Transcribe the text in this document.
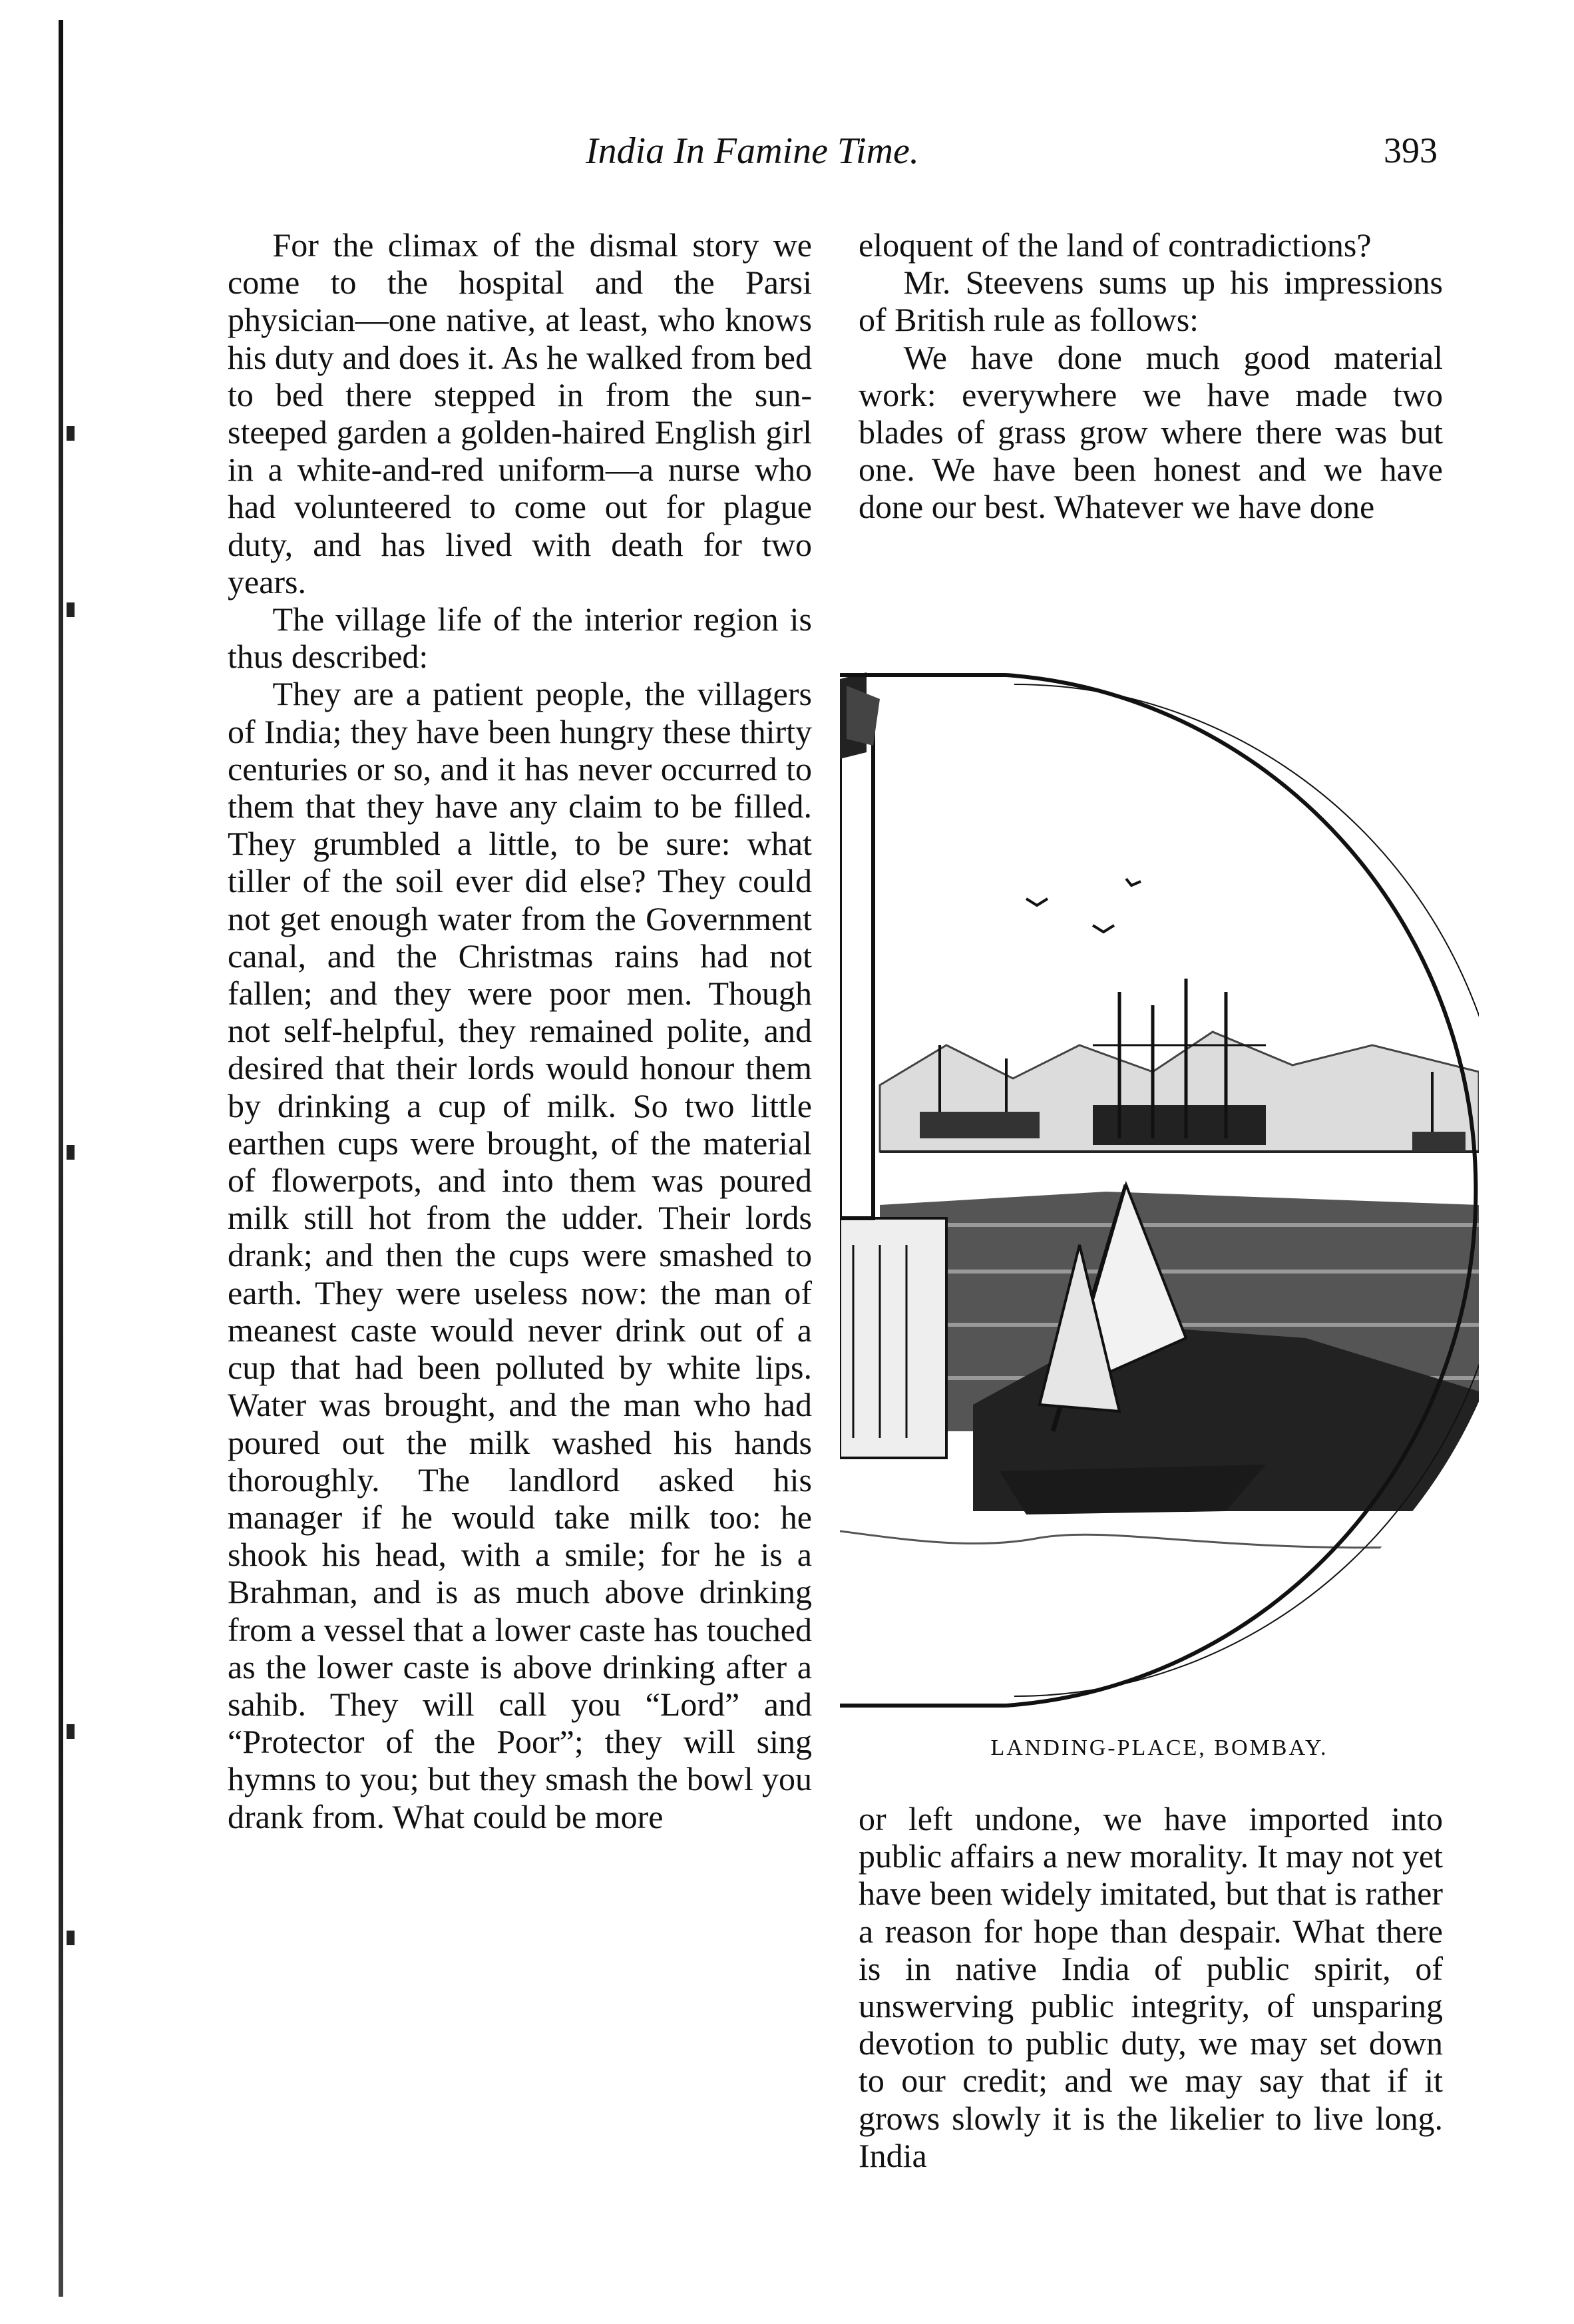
India In Famine Time.	393

For the climax of the dismal story we come to the hospital and the Parsi physician—one native, at least, who knows his duty and does it. As he walked from bed to bed there stepped in from the sun-steeped garden a golden-haired English girl in a white-and-red uniform—a nurse who had volunteered to come out for plague duty, and has lived with death for two years.

The village life of the interior region is thus described:

They are a patient people, the villagers of India; they have been hungry these thirty centuries or so, and it has never occurred to them that they have any claim to be filled. They grumbled a little, to be sure: what tiller of the soil ever did else? They could not get enough water from the Government canal, and the Christmas rains had not fallen; and they were poor men. Though not self-helpful, they remained polite, and desired that their lords would honour them by drinking a cup of milk. So two little earthen cups were brought, of the material of flowerpots, and into them was poured milk still hot from the udder. Their lords drank; and then the cups were smashed to earth. They were useless now: the man of meanest caste would never drink out of a cup that had been polluted by white lips. Water was brought, and the man who had poured out the milk washed his hands thoroughly. The landlord asked his manager if he would take milk too: he shook his head, with a smile; for he is a Brahman, and is as much above drinking from a vessel that a lower caste has touched as the lower caste is above drinking after a sahib. They will call you “Lord” and “Protector of the Poor”; they will sing hymns to you; but they smash the bowl you drank from. What could be more

eloquent of the land of contradictions?

Mr. Steevens sums up his impressions of British rule as follows:

We have done much good material work: everywhere we have made two blades of grass grow where there was but one. We have been honest and we have done our best. Whatever we have done

LANDING-PLACE, BOMBAY.

or left undone, we have imported into public affairs a new morality. It may not yet have been widely imitated, but that is rather a reason for hope than despair. What there is in native India of public spirit, of unswerving public integrity, of unsparing devotion to public duty, we may set down to our credit; and we may say that if it grows slowly it is the likelier to live long. India
